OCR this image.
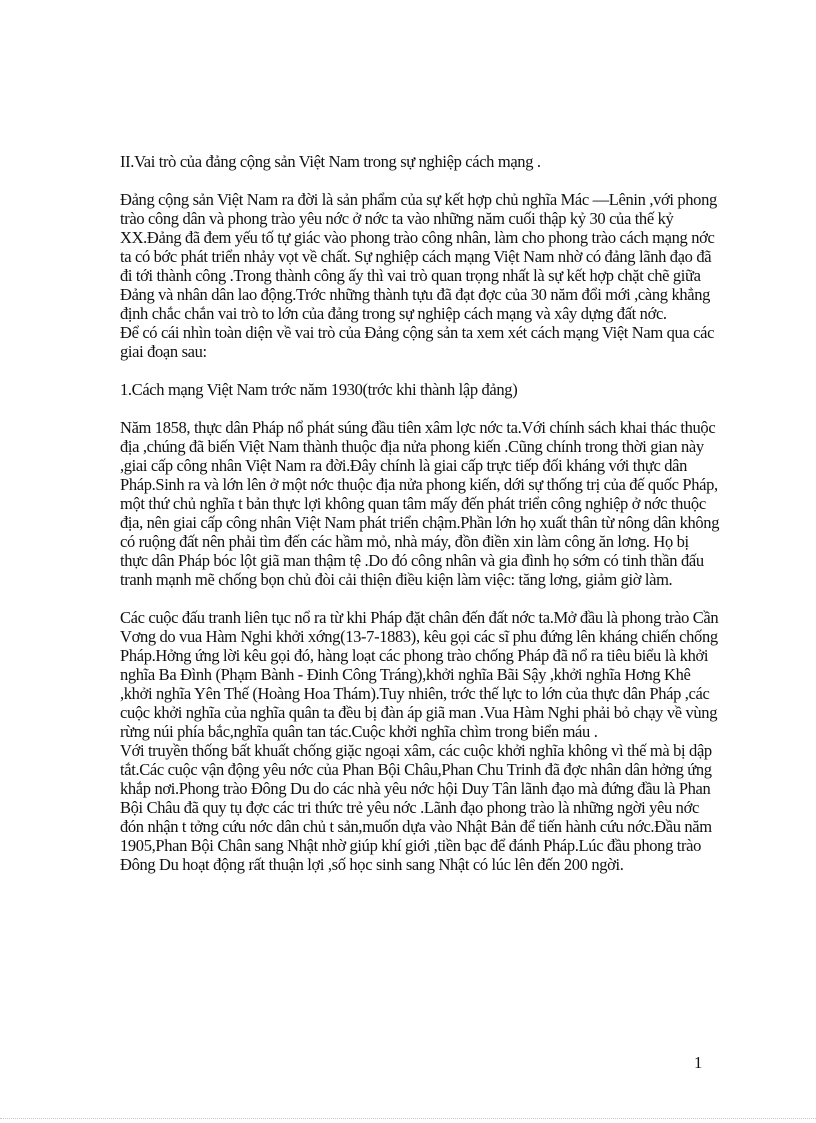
II.Vai trò của đảng cộng sản Việt Nam trong sự nghiệp cách mạng .

Đảng cộng sản Việt Nam ra đời là sản phẩm của sự kết hợp chủ nghĩa Mác —Lênin ,với phong trào công dân và phong trào yêu nớc ở nớc ta vào những năm cuối thập kỷ 30 của thế kỷ XX.Đảng đã đem yếu tố tự giác vào phong trào công nhân, làm cho phong trào cách mạng nớc ta có bớc phát triển nhảy vọt về chất. Sự nghiệp cách mạng Việt Nam nhờ có đảng lãnh đạo đã đi tới thành công .Trong thành công ấy thì vai trò quan trọng nhất là sự kết hợp chặt chẽ giữa Đảng và nhân dân lao động.Trớc những thành tựu đã đạt đợc của 30 năm đổi mới ,càng khẳng định chắc chắn vai trò to lớn của đảng trong sự nghiệp cách mạng và xây dựng đất nớc.

Để có cái nhìn toàn diện về vai trò của Đảng cộng sản ta xem xét cách mạng Việt Nam qua các giai đoạn sau:

1.Cách mạng Việt Nam trớc năm 1930(trớc khi thành lập đảng)

Năm 1858, thực dân Pháp nổ phát súng đầu tiên xâm lợc nớc ta.Với chính sách khai thác thuộc địa ,chúng đã biến Việt Nam thành thuộc địa nửa phong kiến .Cũng chính trong thời gian này ,giai cấp công nhân Việt Nam ra đời.Đây chính là giai cấp trực tiếp đối kháng với thực dân Pháp.Sinh ra và lớn lên ở một nớc thuộc địa nửa phong kiến, dới sự thống trị của đế quốc Pháp, một thứ chủ nghĩa t bản thực lợi không quan tâm mấy đến phát triển công nghiệp ở nớc thuộc địa, nên giai cấp công nhân Việt Nam phát triển chậm.Phần lớn họ xuất thân từ nông dân không có ruộng đất nên phải tìm đến các hầm mỏ, nhà máy, đồn điền xin làm công ăn lơng. Họ bị thực dân Pháp bóc lột giã man thậm tệ .Do đó công nhân và gia đình họ sớm có tinh thần đấu tranh mạnh mẽ chống bọn chủ đòi cải thiện điều kiện làm việc: tăng lơng, giảm giờ làm.

Các cuộc đấu tranh liên tục nổ ra từ khi Pháp đặt chân đến đất nớc ta.Mở đầu là phong trào Cần Vơng do vua Hàm Nghi khởi xớng(13-7-1883), kêu gọi các sĩ phu đứng lên kháng chiến chống Pháp.Hởng ứng lời kêu gọi đó, hàng loạt các phong trào chống Pháp đã nổ ra tiêu biểu là khởi nghĩa Ba Đình (Phạm Bành - Đinh Công Tráng),khởi nghĩa Bãi Sậy ,khởi nghĩa Hơng Khê ,khởi nghĩa Yên Thế (Hoàng Hoa Thám).Tuy nhiên, trớc thế lực to lớn của thực dân Pháp ,các cuộc khởi nghĩa của nghĩa quân ta đều bị đàn áp giã man .Vua Hàm Nghi phải bỏ chạy về vùng rừng núi phía bắc,nghĩa quân tan tác.Cuộc khởi nghĩa chìm trong biển máu .

Với truyền thống bất khuất chống giặc ngoại xâm, các cuộc khởi nghĩa không vì thế mà bị dập tắt.Các cuộc vận động yêu nớc của Phan Bội Châu,Phan Chu Trinh đã đợc nhân dân hởng ứng khắp nơi.Phong trào Đông Du do các nhà yêu nớc hội Duy Tân lãnh đạo mà đứng đầu là Phan Bội Châu đã quy tụ đợc các tri thức trẻ yêu nớc .Lãnh đạo phong trào là những ngời yêu nớc đón nhận t tởng cứu nớc dân chủ t sản,muốn dựa vào Nhật Bản để tiến hành cứu nớc.Đầu năm 1905,Phan Bội Chân sang Nhật nhờ giúp khí giới ,tiền bạc để đánh Pháp.Lúc đầu phong trào Đông Du hoạt động rất thuận lợi ,số học sinh sang Nhật có lúc lên đến 200 ngời.

1
